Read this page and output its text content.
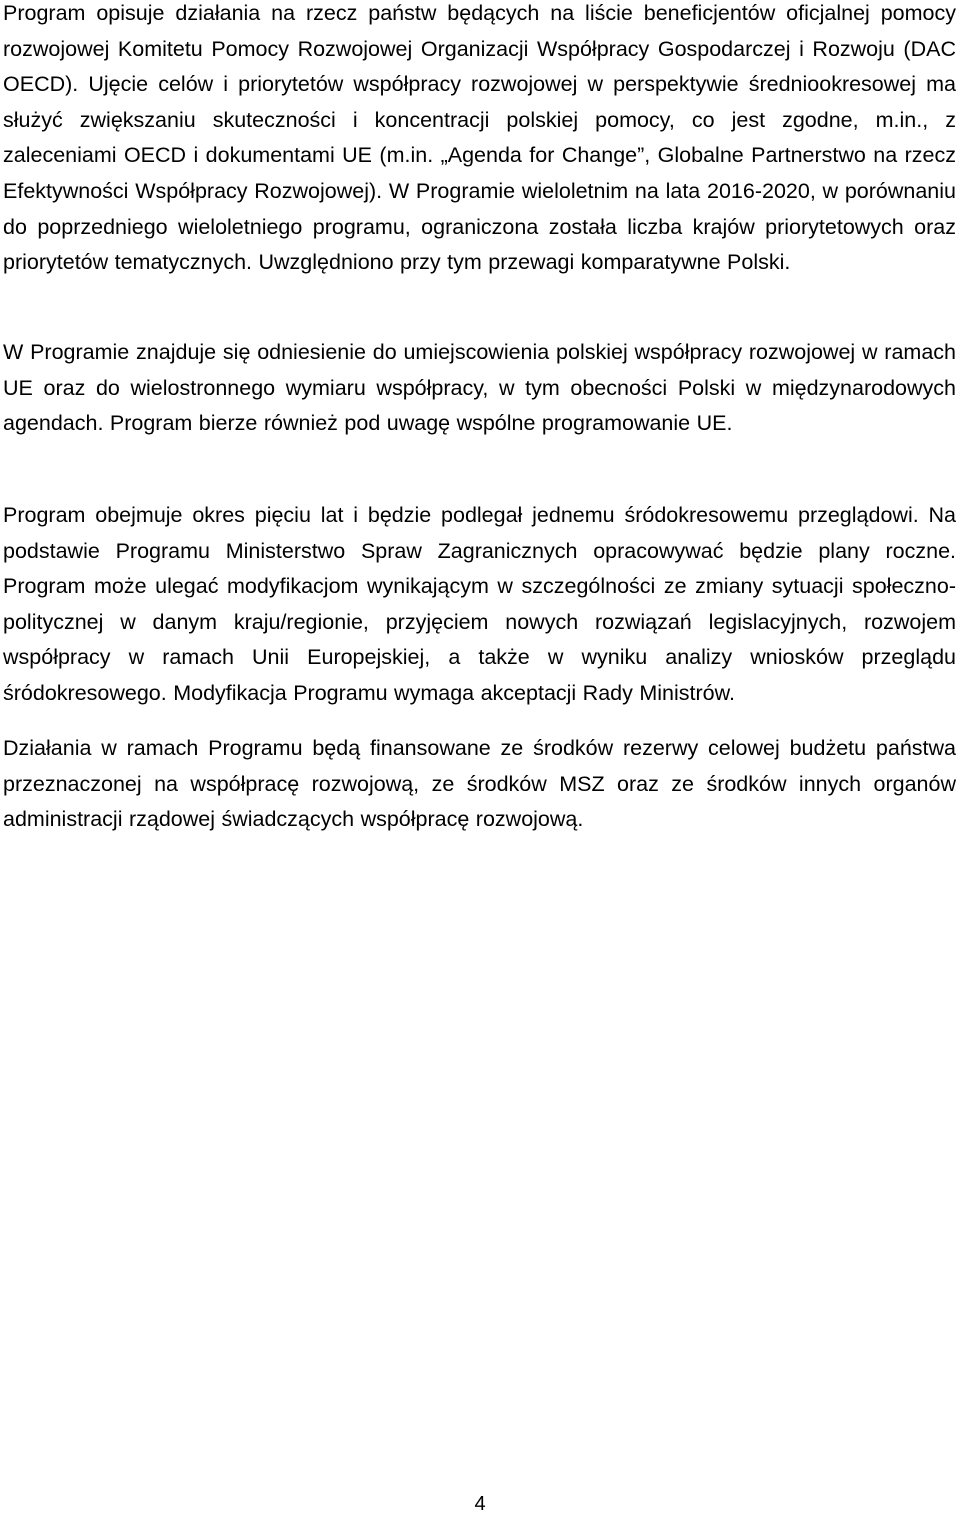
Program opisuje działania na rzecz państw będących na liście beneficjentów oficjalnej pomocy rozwojowej Komitetu Pomocy Rozwojowej Organizacji Współpracy Gospodarczej i Rozwoju (DAC OECD). Ujęcie celów i priorytetów współpracy rozwojowej w perspektywie średniookresowej ma służyć zwiększaniu skuteczności i koncentracji polskiej pomocy, co jest zgodne, m.in., z zaleceniami OECD i dokumentami UE (m.in. „Agenda for Change”, Globalne Partnerstwo na rzecz Efektywności Współpracy Rozwojowej). W Programie wieloletnim na lata 2016-2020, w porównaniu do poprzedniego wieloletniego programu, ograniczona została liczba krajów priorytetowych oraz priorytetów tematycznych. Uwzględniono przy tym przewagi komparatywne Polski.

W Programie znajduje się odniesienie do umiejscowienia polskiej współpracy rozwojowej w ramach UE oraz do wielostronnego wymiaru współpracy, w tym obecności Polski w międzynarodowych agendach. Program bierze również pod uwagę wspólne programowanie UE.

Program obejmuje okres pięciu lat i będzie podlegał jednemu śródokresowemu przeglądowi. Na podstawie Programu Ministerstwo Spraw Zagranicznych opracowywać będzie plany roczne. Program może ulegać modyfikacjom wynikającym w szczególności ze zmiany sytuacji społeczno-politycznej w danym kraju/regionie, przyjęciem nowych rozwiązań legislacyjnych, rozwojem współpracy w ramach Unii Europejskiej, a także w wyniku analizy wniosków przeglądu śródokresowego. Modyfikacja Programu wymaga akceptacji Rady Ministrów.

Działania w ramach Programu będą finansowane ze środków rezerwy celowej budżetu państwa przeznaczonej na współpracę rozwojową, ze środków MSZ oraz ze środków innych organów administracji rządowej świadczących współpracę rozwojową.

4
